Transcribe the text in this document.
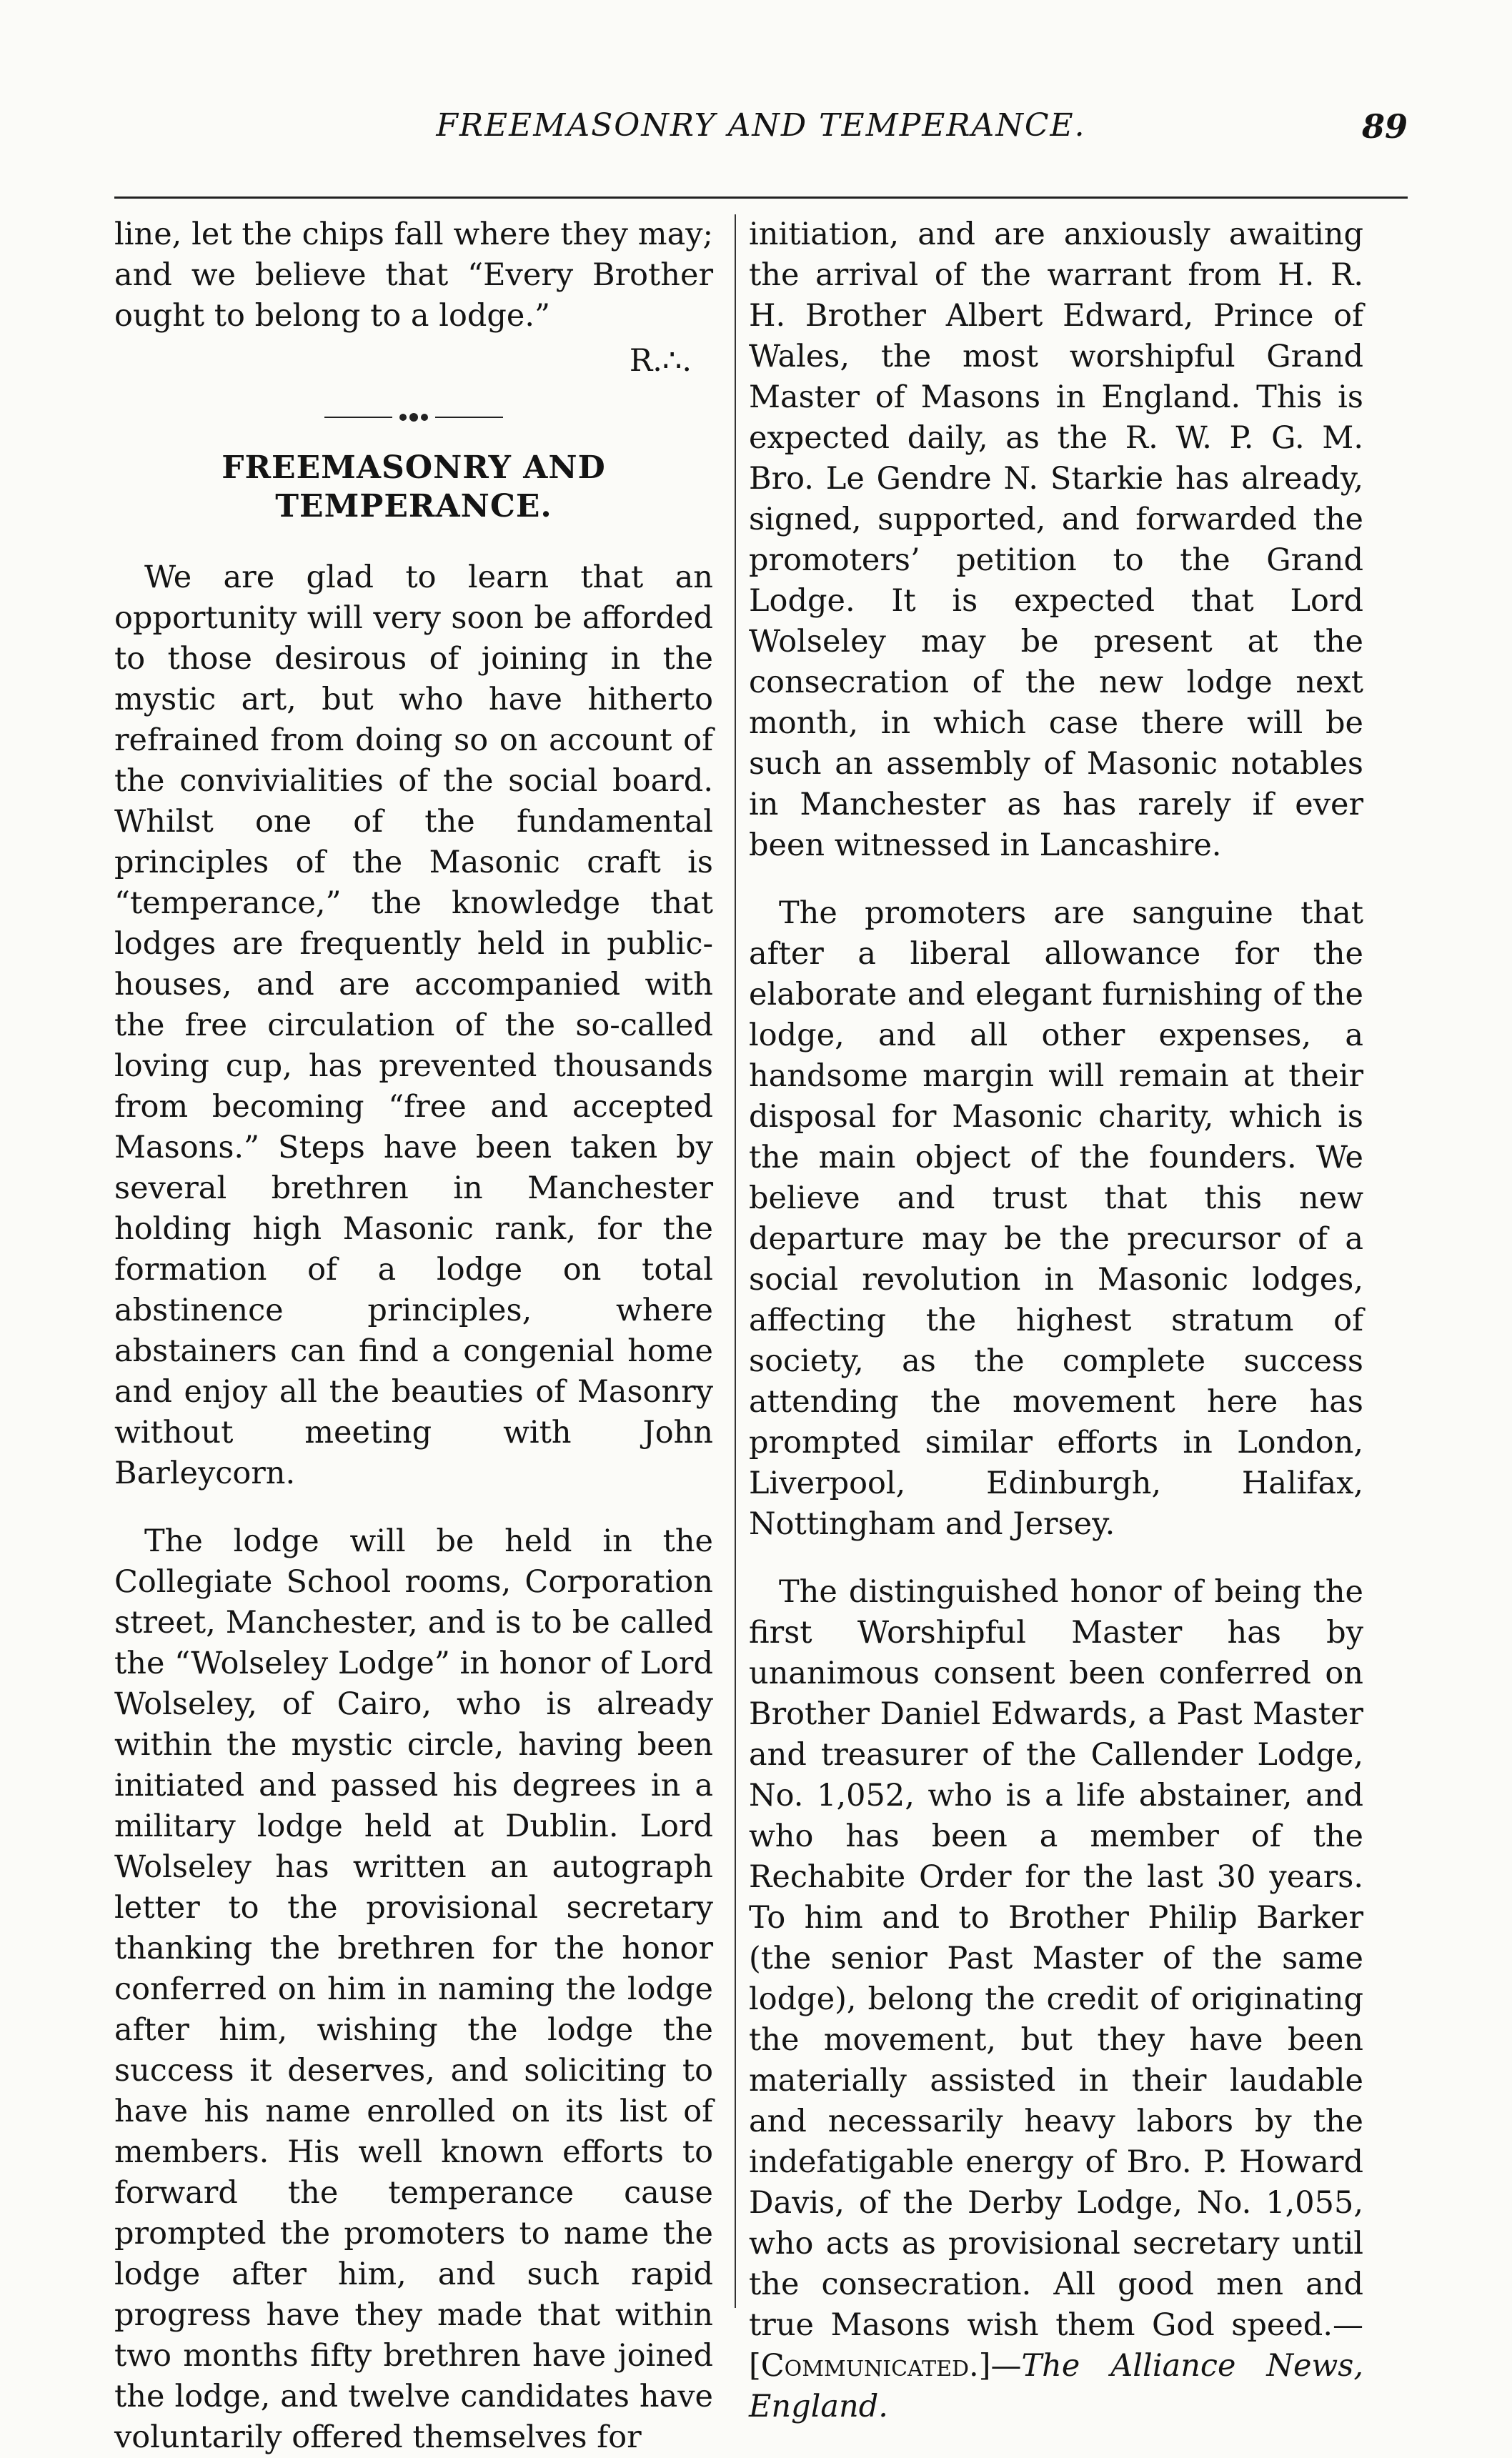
FREEMASONRY AND TEMPERANCE.	89

line, let the chips fall where they may; and we believe that “Every Brother ought to belong to a lodge.”

R.∴.
FREEMASONRY AND TEMPERANCE.

We are glad to learn that an opportunity will very soon be afforded to those desirous of joining in the mystic art, but who have hitherto refrained from doing so on account of the convivialities of the social board. Whilst one of the fundamental principles of the Masonic craft is “temperance,” the knowledge that lodges are frequently held in public-houses, and are accompanied with the free circulation of the so-called loving cup, has prevented thousands from becoming “free and accepted Masons.” Steps have been taken by several brethren in Manchester holding high Masonic rank, for the formation of a lodge on total abstinence principles, where abstainers can find a congenial home and enjoy all the beauties of Masonry without meeting with John Barleycorn.

The lodge will be held in the Collegiate School rooms, Corporation street, Manchester, and is to be called the “Wolseley Lodge” in honor of Lord Wolseley, of Cairo, who is already within the mystic circle, having been initiated and passed his degrees in a military lodge held at Dublin. Lord Wolseley has written an autograph letter to the provisional secretary thanking the brethren for the honor conferred on him in naming the lodge after him, wishing the lodge the success it deserves, and soliciting to have his name enrolled on its list of members. His well known efforts to forward the temperance cause prompted the promoters to name the lodge after him, and such rapid progress have they made that within two months fifty brethren have joined the lodge, and twelve candidates have voluntarily offered themselves for

initiation, and are anxiously awaiting the arrival of the warrant from H. R. H. Brother Albert Edward, Prince of Wales, the most worshipful Grand Master of Masons in England. This is expected daily, as the R. W. P. G. M. Bro. Le Gendre N. Starkie has already, signed, supported, and forwarded the promoters’ petition to the Grand Lodge. It is expected that Lord Wolseley may be present at the consecration of the new lodge next month, in which case there will be such an assembly of Masonic notables in Manchester as has rarely if ever been witnessed in Lancashire.

The promoters are sanguine that after a liberal allowance for the elaborate and elegant furnishing of the lodge, and all other expenses, a handsome margin will remain at their disposal for Masonic charity, which is the main object of the founders. We believe and trust that this new departure may be the precursor of a social revolution in Masonic lodges, affecting the highest stratum of society, as the complete success attending the movement here has prompted similar efforts in London, Liverpool, Edinburgh, Halifax, Nottingham and Jersey.

The distinguished honor of being the first Worshipful Master has by unanimous consent been conferred on Brother Daniel Edwards, a Past Master and treasurer of the Callender Lodge, No. 1,052, who is a life abstainer, and who has been a member of the Rechabite Order for the last 30 years. To him and to Brother Philip Barker (the senior Past Master of the same lodge), belong the credit of originating the movement, but they have been materially assisted in their laudable and necessarily heavy labors by the indefatigable energy of Bro. P. Howard Davis, of the Derby Lodge, No. 1,055, who acts as provisional secretary until the consecration. All good men and true Masons wish them God speed.—[Communicated.]—The Alliance News, England.
